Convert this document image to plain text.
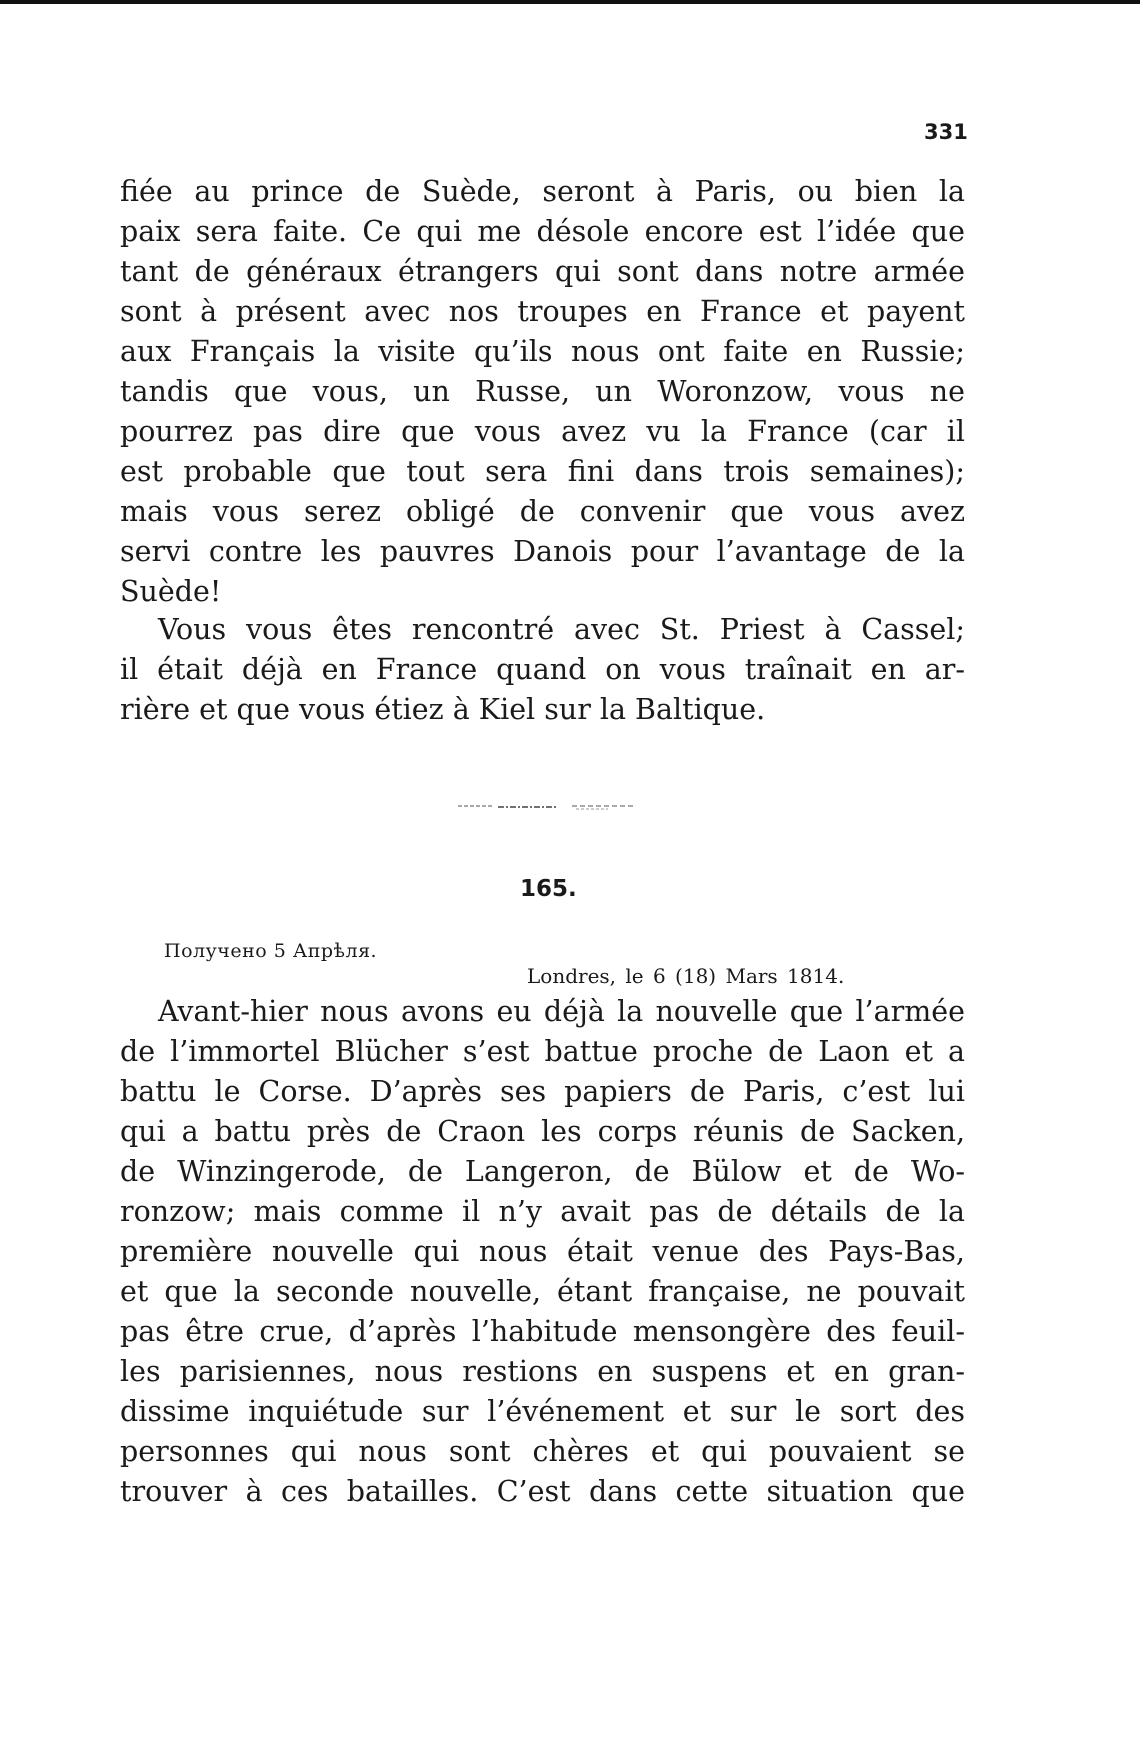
331
fiée au prince de Suède, seront à Paris, ou bien la
paix sera faite. Ce qui me désole encore est l’idée que
tant de généraux étrangers qui sont dans notre armée
sont à présent avec nos troupes en France et payent
aux Français la visite qu’ils nous ont faite en Russie;
tandis que vous, un Russe, un Woronzow, vous ne
pourrez pas dire que vous avez vu la France (car il
est probable que tout sera fini dans trois semaines);
mais vous serez obligé de convenir que vous avez
servi contre les pauvres Danois pour l’avantage de la
Suède!
Vous vous êtes rencontré avec St. Priest à Cassel;
il était déjà en France quand on vous traînait en ar-
rière et que vous étiez à Kiel sur la Baltique.
165.
Получено 5 Апрѣля.
Londres, le 6 (18) Mars 1814.
Avant-hier nous avons eu déjà la nouvelle que l’armée
de l’immortel Blücher s’est battue proche de Laon et a
battu le Corse. D’après ses papiers de Paris, c’est lui
qui a battu près de Craon les corps réunis de Sacken,
de Winzingerode, de Langeron, de Bülow et de Wo-
ronzow; mais comme il n’y avait pas de détails de la
première nouvelle qui nous était venue des Pays-Bas,
et que la seconde nouvelle, étant française, ne pouvait
pas être crue, d’après l’habitude mensongère des feuil-
les parisiennes, nous restions en suspens et en gran-
dissime inquiétude sur l’événement et sur le sort des
personnes qui nous sont chères et qui pouvaient se
trouver à ces batailles. C’est dans cette situation que
